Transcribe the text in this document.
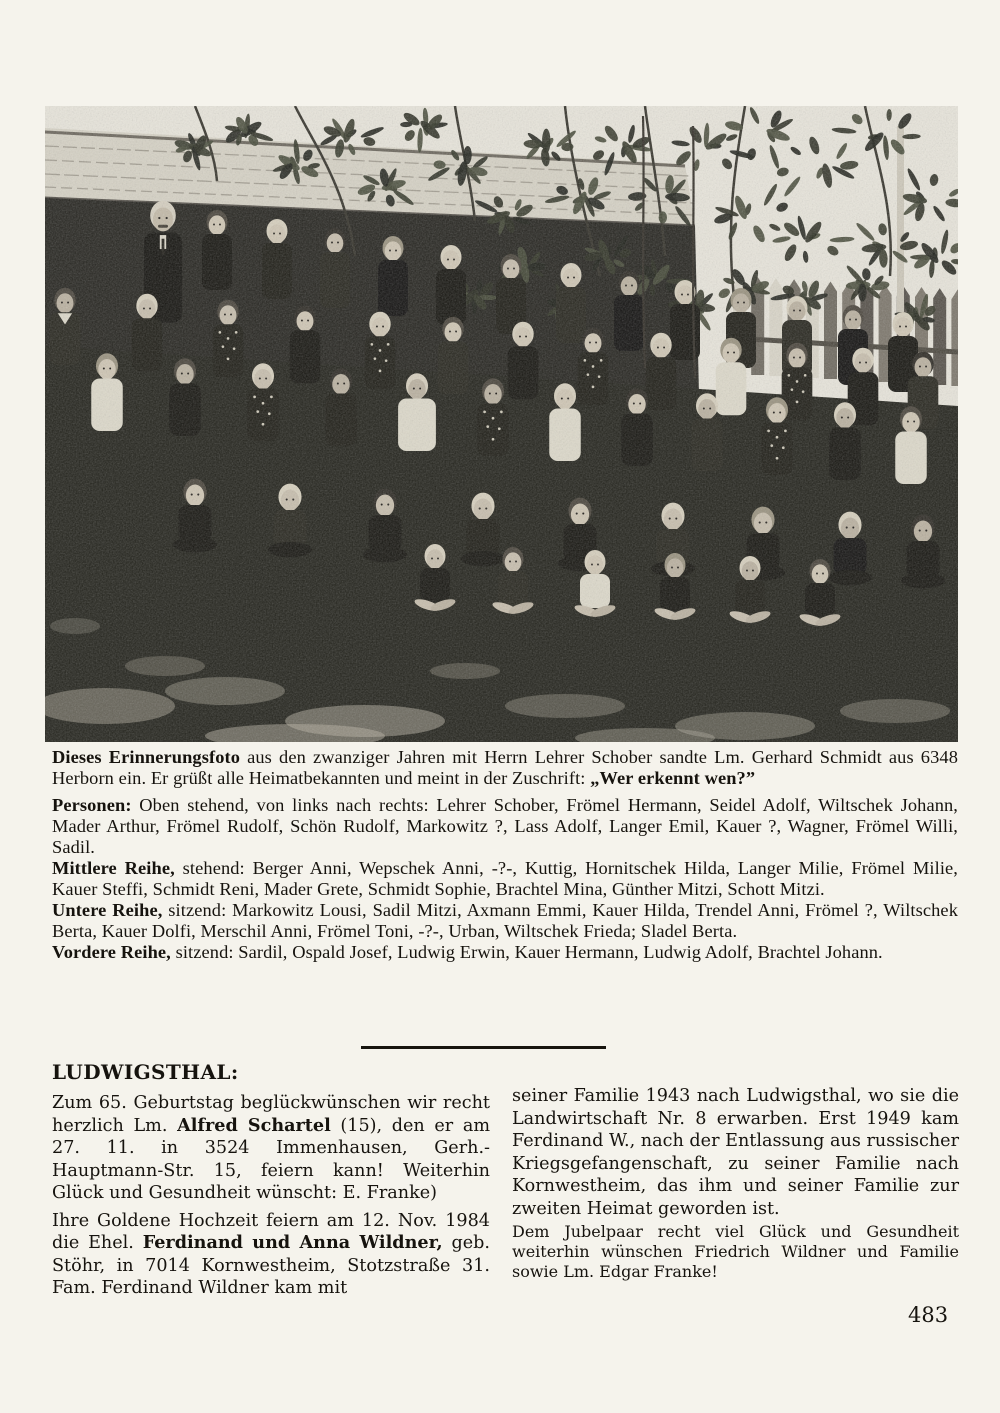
Dieses Erinnerungsfoto aus den zwanziger Jahren mit Herrn Lehrer Schober sandte Lm. Gerhard Schmidt aus 6348 Herborn ein. Er grüßt alle Heimatbekannten und meint in der Zuschrift: „Wer erkennt wen?”

Personen: Oben stehend, von links nach rechts: Lehrer Schober, Frömel Hermann, Seidel Adolf, Wiltschek Johann, Mader Arthur, Frömel Rudolf, Schön Rudolf, Markowitz ?, Lass Adolf, Langer Emil, Kauer ?, Wagner, Frömel Willi, Sadil.

Mittlere Reihe, stehend: Berger Anni, Wepschek Anni, -?-, Kuttig, Hornitschek Hilda, Langer Milie, Frömel Milie, Kauer Steffi, Schmidt Reni, Mader Grete, Schmidt Sophie, Brachtel Mina, Günther Mitzi, Schott Mitzi.

Untere Reihe, sitzend: Markowitz Lousi, Sadil Mitzi, Axmann Emmi, Kauer Hilda, Trendel Anni, Frömel ?, Wiltschek Berta, Kauer Dolfi, Merschil Anni, Frömel Toni, -?-, Urban, Wiltschek Frieda; Sladel Berta.

Vordere Reihe, sitzend: Sardil, Ospald Josef, Ludwig Erwin, Kauer Hermann, Ludwig Adolf, Brachtel Johann.

LUDWIGSTHAL:

Zum 65. Geburtstag beglückwünschen wir recht herzlich Lm. Alfred Schartel (15), den er am 27. 11. in 3524 Immenhausen, Gerh.-Hauptmann-Str. 15, feiern kann! Weiterhin Glück und Gesundheit wünscht: E. Franke)

Ihre Goldene Hochzeit feiern am 12. Nov. 1984 die Ehel. Ferdinand und Anna Wildner, geb. Stöhr, in 7014 Kornwestheim, Stotzstraße 31. Fam. Ferdinand Wildner kam mit

seiner Familie 1943 nach Ludwigsthal, wo sie die Landwirtschaft Nr. 8 erwarben. Erst 1949 kam Ferdinand W., nach der Entlassung aus russischer Kriegsgefangenschaft, zu seiner Familie nach Kornwestheim, das ihm und seiner Familie zur zweiten Heimat geworden ist.

Dem Jubelpaar recht viel Glück und Gesundheit weiterhin wünschen Friedrich Wildner und Familie sowie Lm. Edgar Franke!

483
